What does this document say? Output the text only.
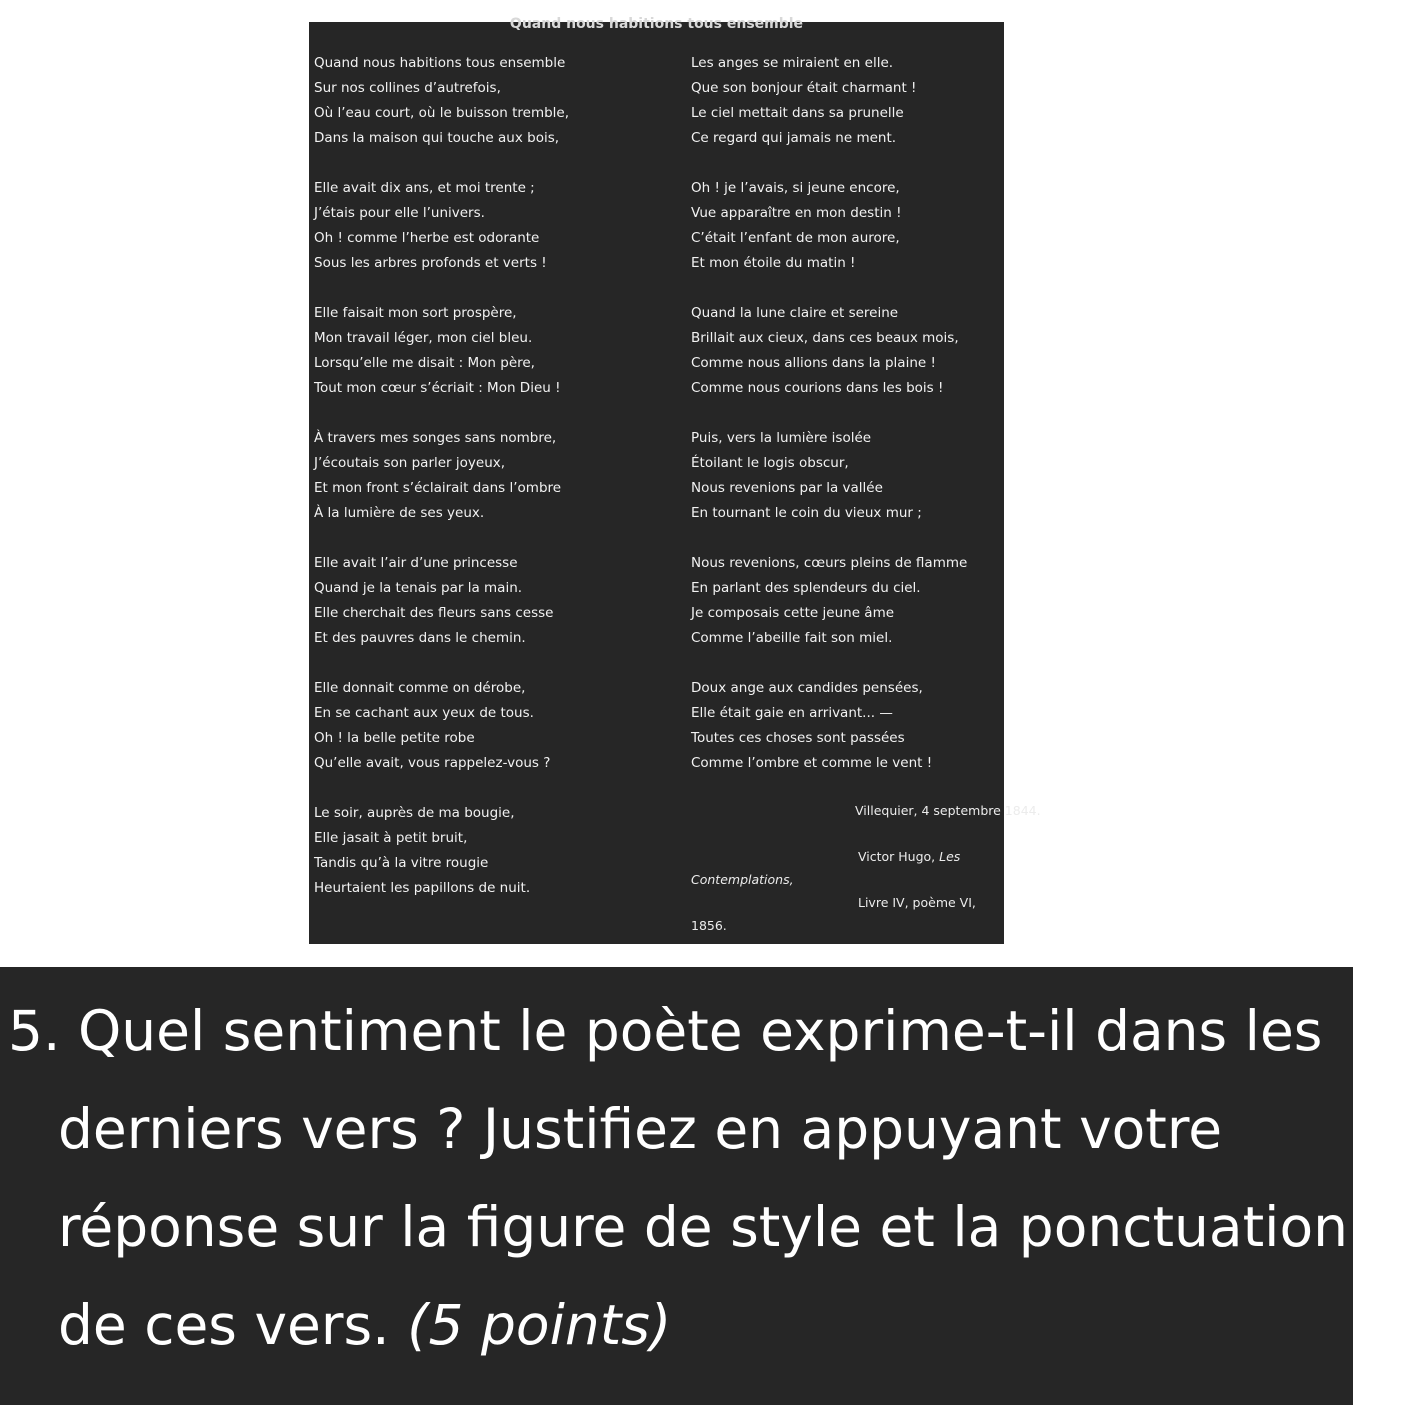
Quand nous habitions tous ensemble
Quand nous habitions tous ensemble
Sur nos collines d’autrefois,
Où l’eau court, où le buisson tremble,
Dans la maison qui touche aux bois,
Elle avait dix ans, et moi trente ;
J’étais pour elle l’univers.
Oh ! comme l’herbe est odorante
Sous les arbres profonds et verts !
Elle faisait mon sort prospère,
Mon travail léger, mon ciel bleu.
Lorsqu’elle me disait : Mon père,
Tout mon cœur s’écriait : Mon Dieu !
À travers mes songes sans nombre,
J’écoutais son parler joyeux,
Et mon front s’éclairait dans l’ombre
À la lumière de ses yeux.
Elle avait l’air d’une princesse
Quand je la tenais par la main.
Elle cherchait des fleurs sans cesse
Et des pauvres dans le chemin.
Elle donnait comme on dérobe,
En se cachant aux yeux de tous.
Oh ! la belle petite robe
Qu’elle avait, vous rappelez-vous ?
Le soir, auprès de ma bougie,
Elle jasait à petit bruit,
Tandis qu’à la vitre rougie
Heurtaient les papillons de nuit.
Les anges se miraient en elle.
Que son bonjour était charmant !
Le ciel mettait dans sa prunelle
Ce regard qui jamais ne ment.
Oh ! je l’avais, si jeune encore,
Vue apparaître en mon destin !
C’était l’enfant de mon aurore,
Et mon étoile du matin !
Quand la lune claire et sereine
Brillait aux cieux, dans ces beaux mois,
Comme nous allions dans la plaine !
Comme nous courions dans les bois !
Puis, vers la lumière isolée
Étoilant le logis obscur,
Nous revenions par la vallée
En tournant le coin du vieux mur ;
Nous revenions, cœurs pleins de flamme
En parlant des splendeurs du ciel.
Je composais cette jeune âme
Comme l’abeille fait son miel.
Doux ange aux candides pensées,
Elle était gaie en arrivant... —
Toutes ces choses sont passées
Comme l’ombre et comme le vent !
Villequier, 4 septembre 1844.
Victor Hugo, Les
Contemplations,
Livre IV, poème VI,
1856.
5. Quel sentiment le poète exprime-t-il dans les
derniers vers ? Justifiez en appuyant votre
réponse sur la figure de style et la ponctuation
de ces vers. (5 points)
